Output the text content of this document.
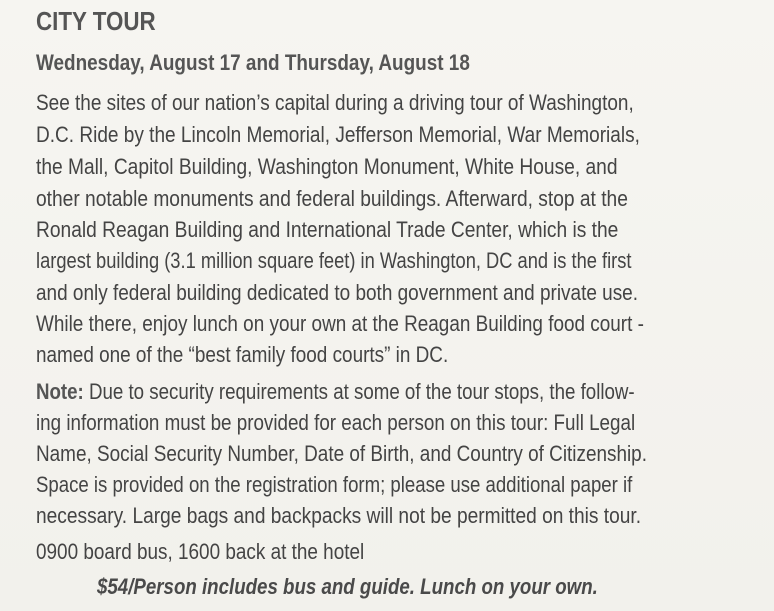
CITY TOUR
Wednesday, August 17 and Thursday, August 18
See the sites of our nation’s capital during a driving tour of Washington,
D.C. Ride by the Lincoln Memorial, Jefferson Memorial, War Memorials,
the Mall, Capitol Building, Washington Monument, White House, and
other notable monuments and federal buildings. Afterward, stop at the
Ronald Reagan Building and International Trade Center, which is the
largest building (3.1 million square feet) in Washington, DC and is the first
and only federal building dedicated to both government and private use.
While there, enjoy lunch on your own at the Reagan Building food court -
named one of the “best family food courts” in DC.
Note: Due to security requirements at some of the tour stops, the follow-
ing information must be provided for each person on this tour: Full Legal
Name, Social Security Number, Date of Birth, and Country of Citizenship.
Space is provided on the registration form; please use additional paper if
necessary. Large bags and backpacks will not be permitted on this tour.
0900 board bus, 1600 back at the hotel
$54/Person includes bus and guide. Lunch on your own.
